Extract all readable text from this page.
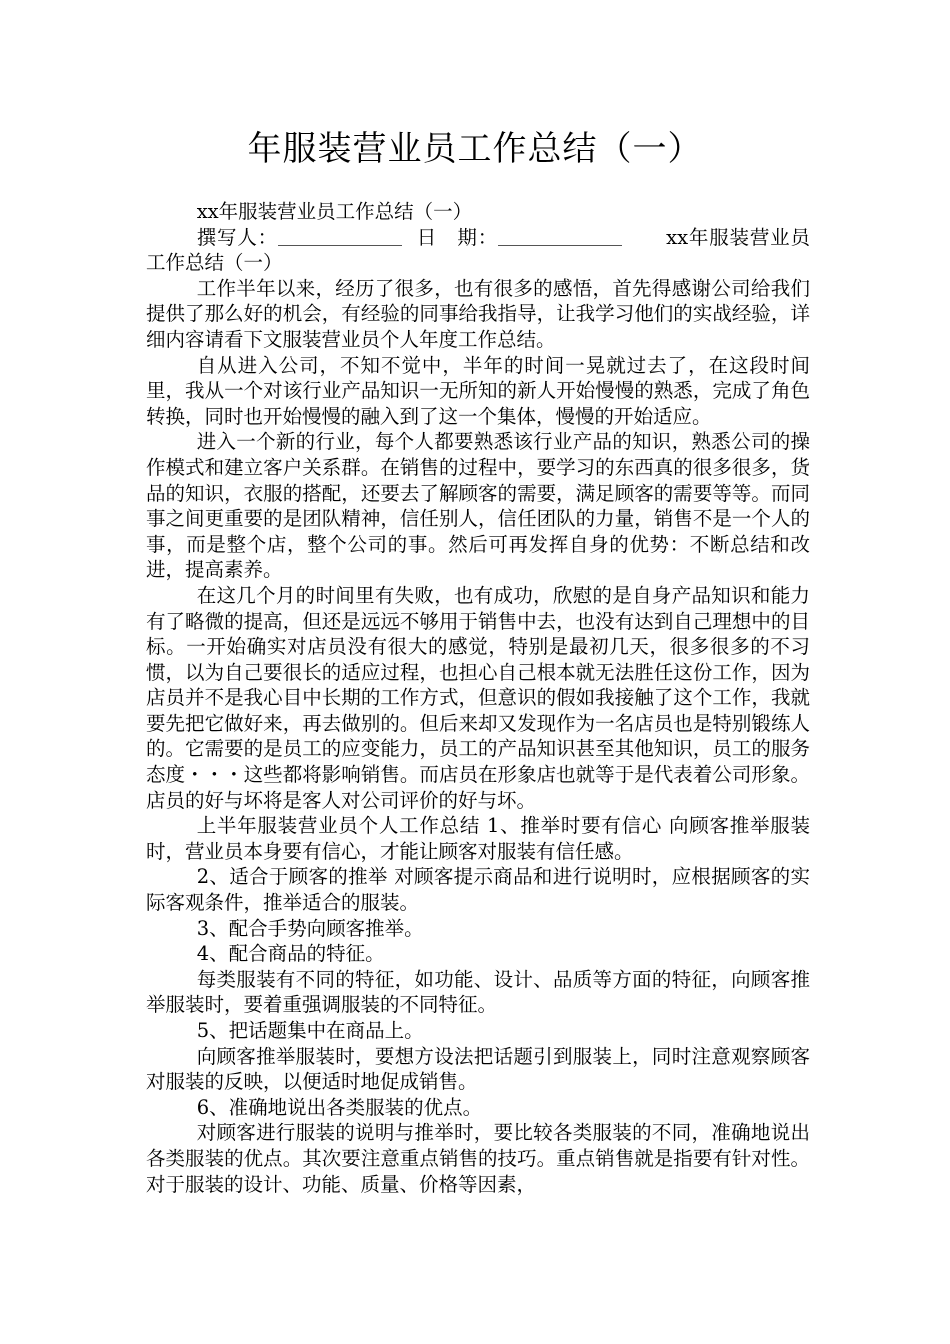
年服装营业员工作总结（一）

xx年服装营业员工作总结（一）

撰写人：	日　期：	xx年服装营业员工作总结（一）

工作半年以来，经历了很多，也有很多的感悟，首先得感谢公司给我们提供了那么好的机会，有经验的同事给我指导，让我学习他们的实战经验，详细内容请看下文服装营业员个人年度工作总结。

自从进入公司，不知不觉中，半年的时间一晃就过去了，在这段时间里，我从一个对该行业产品知识一无所知的新人开始慢慢的熟悉，完成了角色转换，同时也开始慢慢的融入到了这一个集体，慢慢的开始适应。

进入一个新的行业，每个人都要熟悉该行业产品的知识，熟悉公司的操作模式和建立客户关系群。在销售的过程中，要学习的东西真的很多很多，货品的知识，衣服的搭配，还要去了解顾客的需要，满足顾客的需要等等。而同事之间更重要的是团队精神，信任别人，信任团队的力量，销售不是一个人的事，而是整个店，整个公司的事。然后可再发挥自身的优势：不断总结和改进，提高素养。

在这几个月的时间里有失败，也有成功，欣慰的是自身产品知识和能力有了略微的提高，但还是远远不够用于销售中去，也没有达到自己理想中的目标。一开始确实对店员没有很大的感觉，特别是最初几天，很多很多的不习惯，以为自己要很长的适应过程，也担心自己根本就无法胜任这份工作，因为店员并不是我心目中长期的工作方式，但意识的假如我接触了这个工作，我就要先把它做好来，再去做别的。但后来却又发现作为一名店员也是特别锻练人的。它需要的是员工的应变能力，员工的产品知识甚至其他知识，员工的服务态度・・・这些都将影响销售。而店员在形象店也就等于是代表着公司形象。店员的好与坏将是客人对公司评价的好与坏。

上半年服装营业员个人工作总结 1、推举时要有信心 向顾客推举服装时，营业员本身要有信心，才能让顾客对服装有信任感。

2、适合于顾客的推举 对顾客提示商品和进行说明时，应根据顾客的实际客观条件，推举适合的服装。

3、配合手势向顾客推举。

4、配合商品的特征。

每类服装有不同的特征，如功能、设计、品质等方面的特征，向顾客推举服装时，要着重强调服装的不同特征。

5、把话题集中在商品上。

向顾客推举服装时，要想方设法把话题引到服装上，同时注意观察顾客对服装的反映，以便适时地促成销售。

6、准确地说出各类服装的优点。

对顾客进行服装的说明与推举时，要比较各类服装的不同，准确地说出各类服装的优点。其次要注意重点销售的技巧。重点销售就是指要有针对性。对于服装的设计、功能、质量、价格等因素，
